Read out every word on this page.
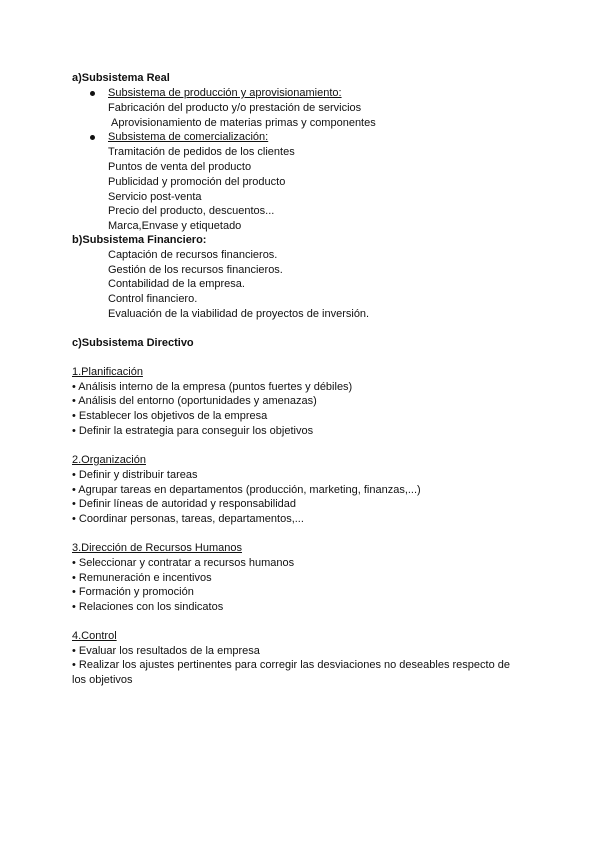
a)Subsistema Real
Subsistema de producción y aprovisionamiento:
Fabricación del producto y/o prestación de servicios
Aprovisionamiento de materias primas y componentes
Subsistema de comercialización:
Tramitación de pedidos de los clientes
Puntos de venta del producto
Publicidad y promoción del producto
Servicio post-venta
Precio del producto, descuentos...
Marca,Envase y etiquetado
b)Subsistema Financiero:
Captación de recursos financieros.
Gestión de los recursos financieros.
Contabilidad de la empresa.
Control financiero.
Evaluación de la viabilidad de proyectos de inversión.
c)Subsistema Directivo
1.Planificación
• Análisis interno de la empresa (puntos fuertes y débiles)
• Análisis del entorno (oportunidades y amenazas)
• Establecer los objetivos de la empresa
• Definir la estrategia para conseguir los objetivos
2.Organización
• Definir y distribuir tareas
• Agrupar tareas en departamentos (producción, marketing, finanzas,...)
• Definir líneas de autoridad y responsabilidad
• Coordinar personas, tareas, departamentos,...
3.Dirección de Recursos Humanos
• Seleccionar y contratar a recursos humanos
• Remuneración e incentivos
• Formación y promoción
• Relaciones con los sindicatos
4.Control
• Evaluar los resultados de la empresa
• Realizar los ajustes pertinentes para corregir las desviaciones no deseables respecto de los objetivos
